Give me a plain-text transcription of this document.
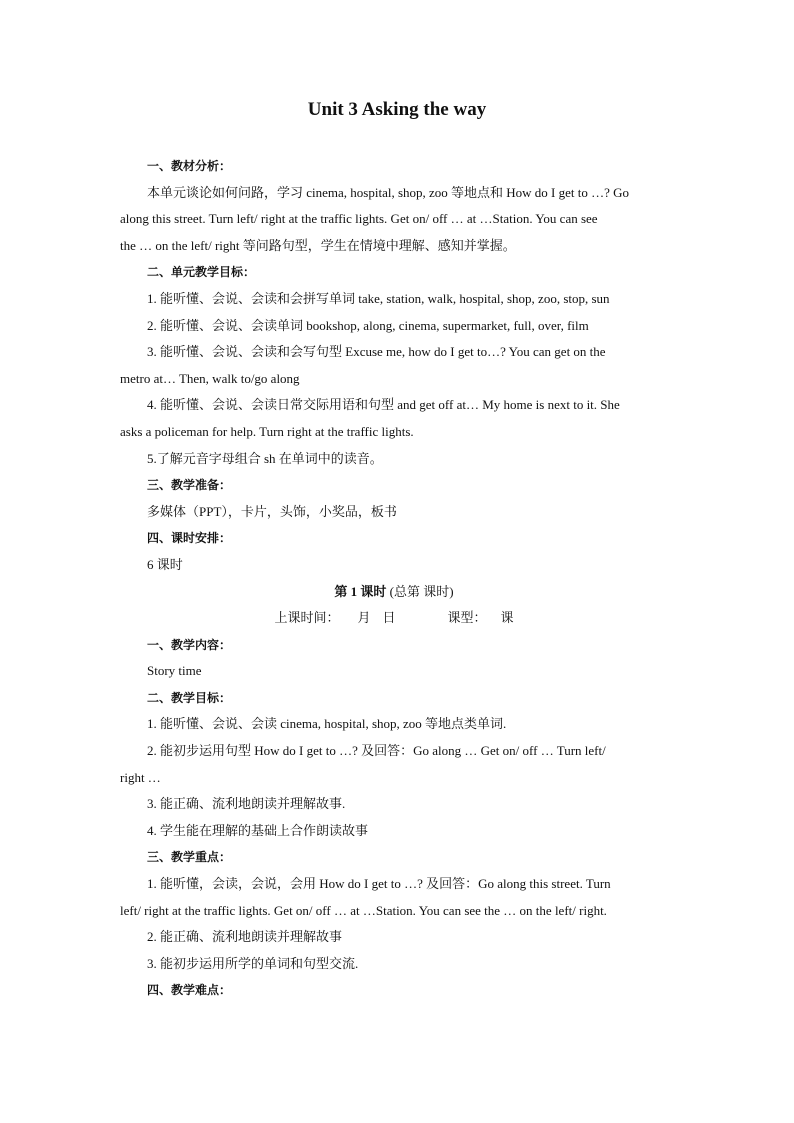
Unit 3 Asking the way
一、教材分析：
本单元谈论如何问路，学习 cinema, hospital, shop, zoo 等地点和 How do I get to …? Go
along this street. Turn left/ right at the traffic lights. Get on/ off … at …Station. You can see
the … on the left/ right 等问路句型，学生在情境中理解、感知并掌握。
二、单元教学目标：
1. 能听懂、会说、会读和会拼写单词 take, station, walk, hospital, shop, zoo, stop, sun
2. 能听懂、会说、会读单词 bookshop, along, cinema, supermarket, full, over, film
3. 能听懂、会说、会读和会写句型 Excuse me, how do I get to…? You can get on the
metro at… Then, walk to/go along
4. 能听懂、会说、会读日常交际用语和句型 and get off at… My home is next to it. She
asks a policeman for help. Turn right at the traffic lights.
5.了解元音字母组合 sh 在单词中的读音。
三、教学准备：
多媒体（PPT），卡片，头饰，小奖品，板书
四、课时安排：
6 课时
第 1 课时 (总第 课时)
上课时间： 月 日	课型： 课
一、教学内容：
Story time
二、教学目标：
1. 能听懂、会说、会读 cinema, hospital, shop, zoo 等地点类单词.
2. 能初步运用句型 How do I get to …? 及回答：Go along … Get on/ off … Turn left/
right …
3. 能正确、流利地朗读并理解故事.
4. 学生能在理解的基础上合作朗读故事
三、教学重点：
1. 能听懂，会读，会说，会用 How do I get to …? 及回答：Go along this street. Turn
left/ right at the traffic lights. Get on/ off … at …Station. You can see the … on the left/ right.
2. 能正确、流利地朗读并理解故事
3. 能初步运用所学的单词和句型交流.
四、教学难点：
